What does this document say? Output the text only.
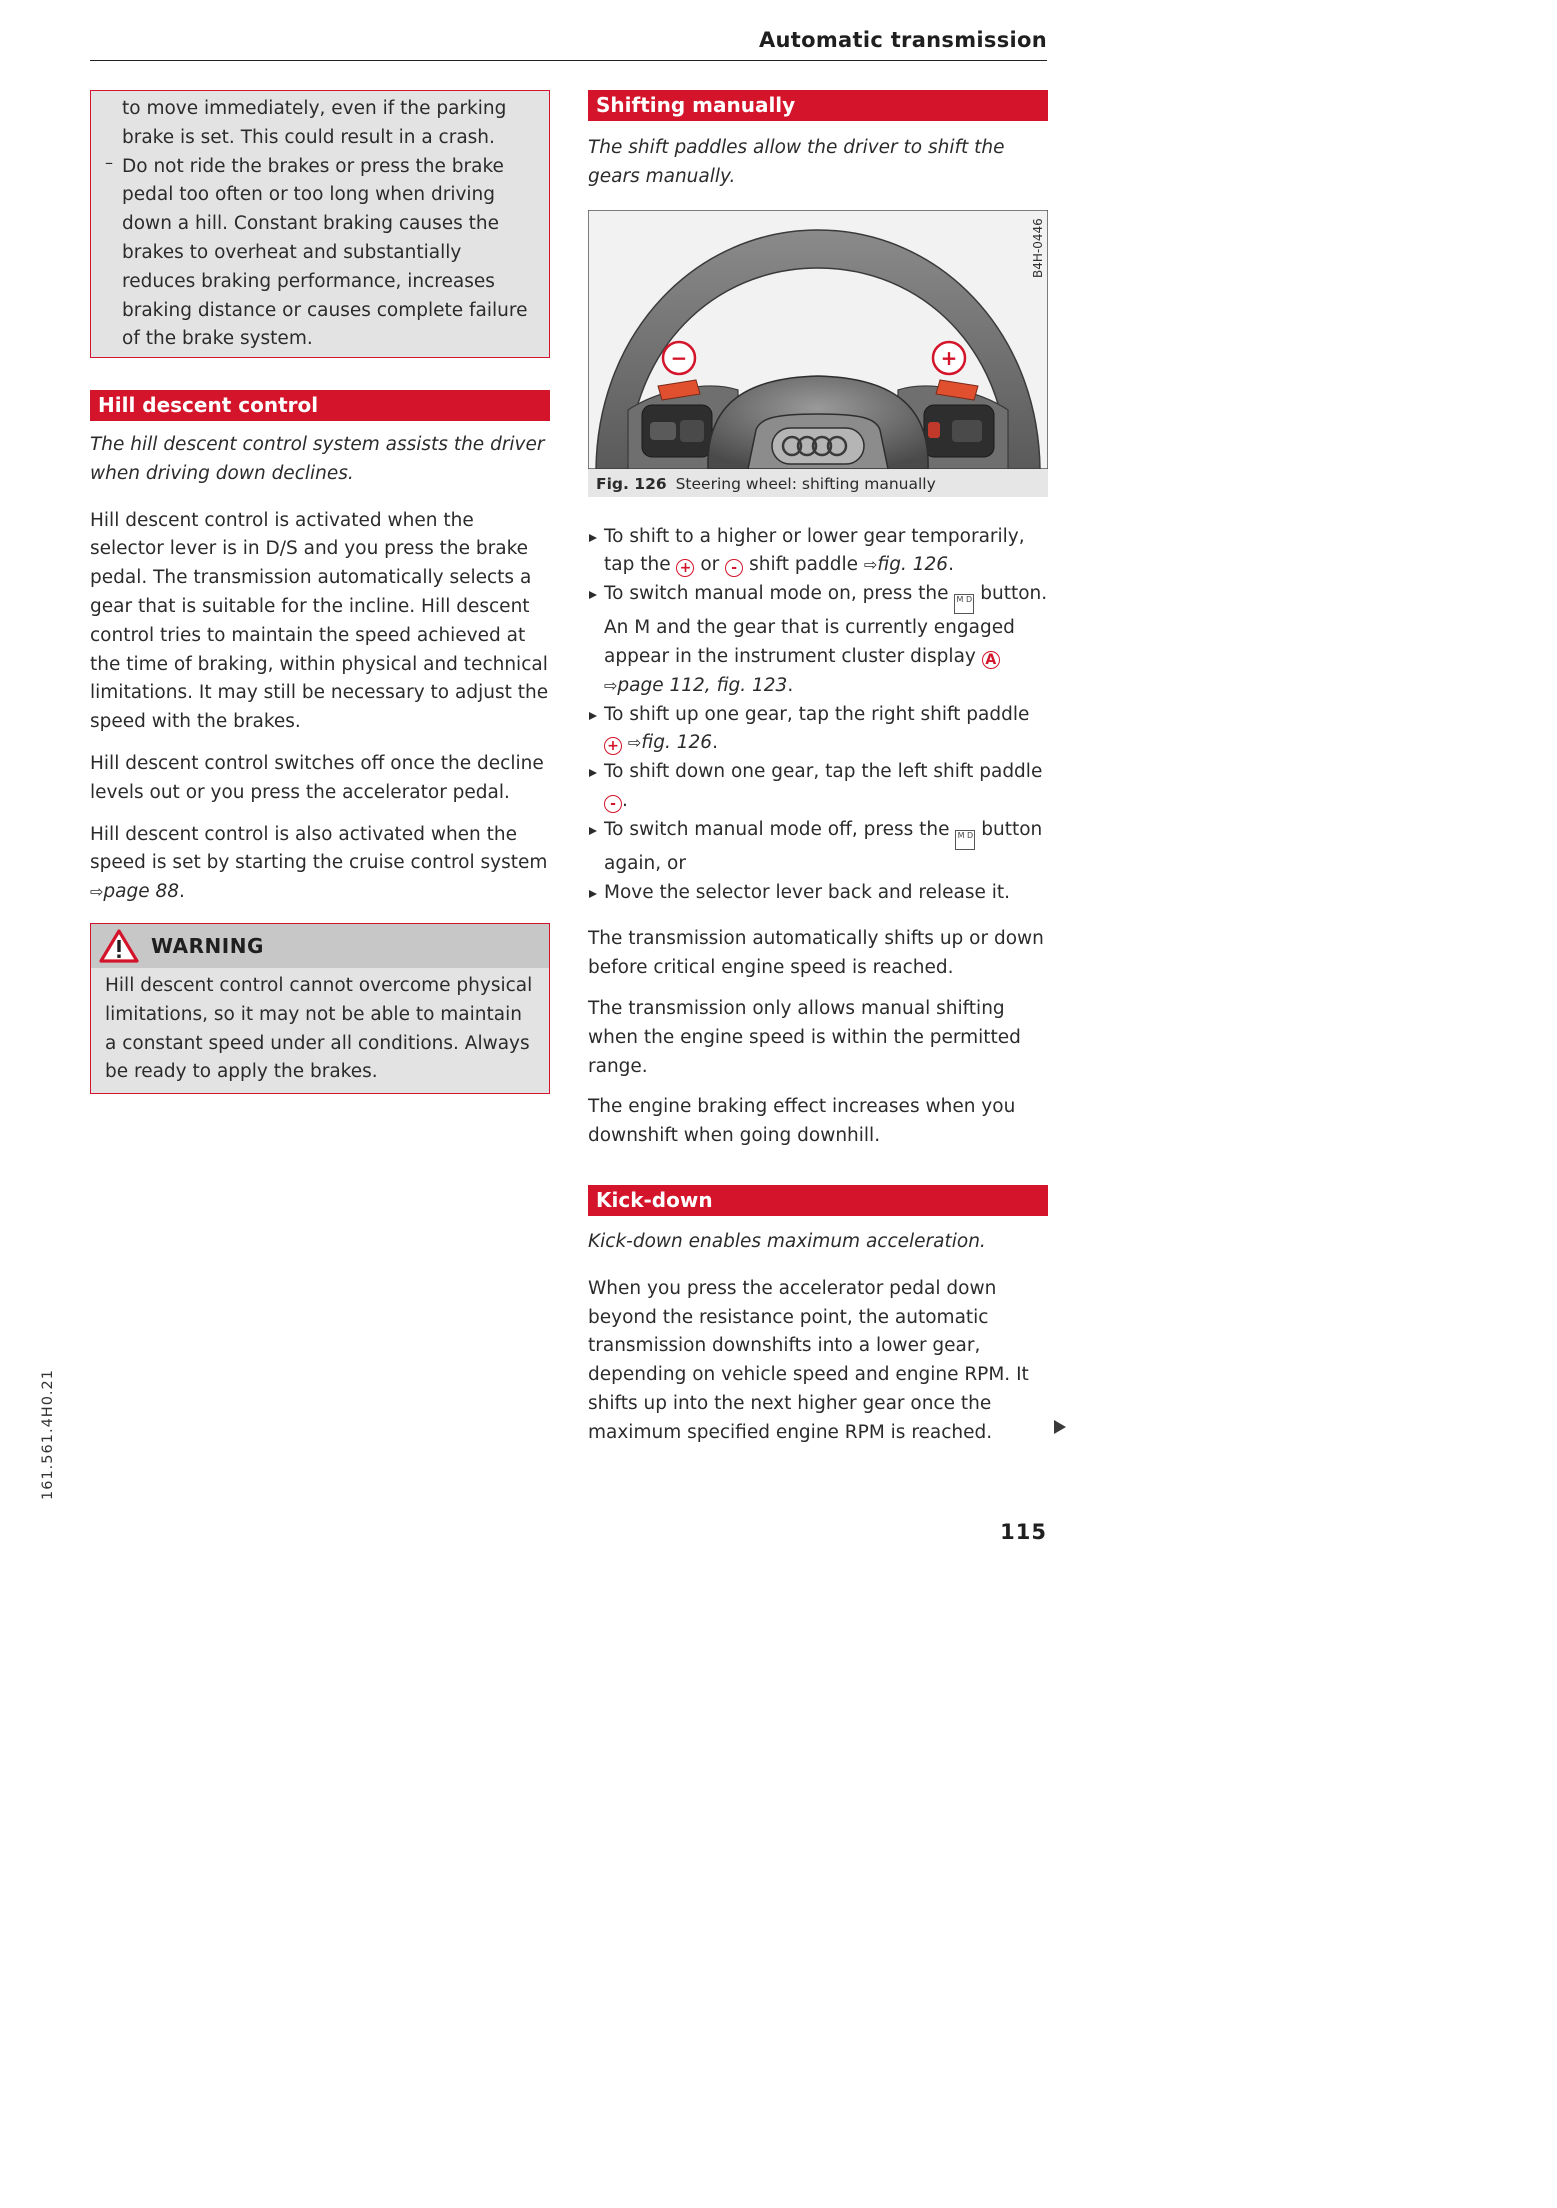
Automatic transmission

to move immediately, even if the parking brake is set. This could result in a crash.

– Do not ride the brakes or press the brake pedal too often or too long when driving down a hill. Constant braking causes the brakes to overheat and substantially reduces braking performance, increases braking distance or causes complete failure of the brake system.

Hill descent control

The hill descent control system assists the driver when driving down declines.

Hill descent control is activated when the selector lever is in D/S and you press the brake pedal. The transmission automatically selects a gear that is suitable for the incline. Hill descent control tries to maintain the speed achieved at the time of braking, within physical and technical limitations. It may still be necessary to adjust the speed with the brakes.

Hill descent control switches off once the decline levels out or you press the accelerator pedal.

Hill descent control is also activated when the speed is set by starting the cruise control system ⇨page 88.

WARNING

Hill descent control cannot overcome physical limitations, so it may not be able to maintain a constant speed under all conditions. Always be ready to apply the brakes.

Shifting manually

The shift paddles allow the driver to shift the gears manually.

−	+
B4H-0446
Fig. 126 Steering wheel: shifting manually
To shift to a higher or lower gear temporarily, tap the + or - shift paddle ⇨fig. 126.
To switch manual mode on, press the M D button. An M and the gear that is currently engaged appear in the instrument cluster display A
⇨page 112, fig. 123.
To shift up one gear, tap the right shift paddle
+ ⇨fig. 126.
To shift down one gear, tap the left shift paddle - .
To switch manual mode off, press the M D button again, or
Move the selector lever back and release it.

The transmission automatically shifts up or down before critical engine speed is reached.

The transmission only allows manual shifting when the engine speed is within the permitted range.

The engine braking effect increases when you downshift when going downhill.

Kick-down

Kick-down enables maximum acceleration.

When you press the accelerator pedal down beyond the resistance point, the automatic transmission downshifts into a lower gear, depending on vehicle speed and engine RPM. It shifts up into the next higher gear once the maximum specified engine RPM is reached.

161.561.4H0.21
115
